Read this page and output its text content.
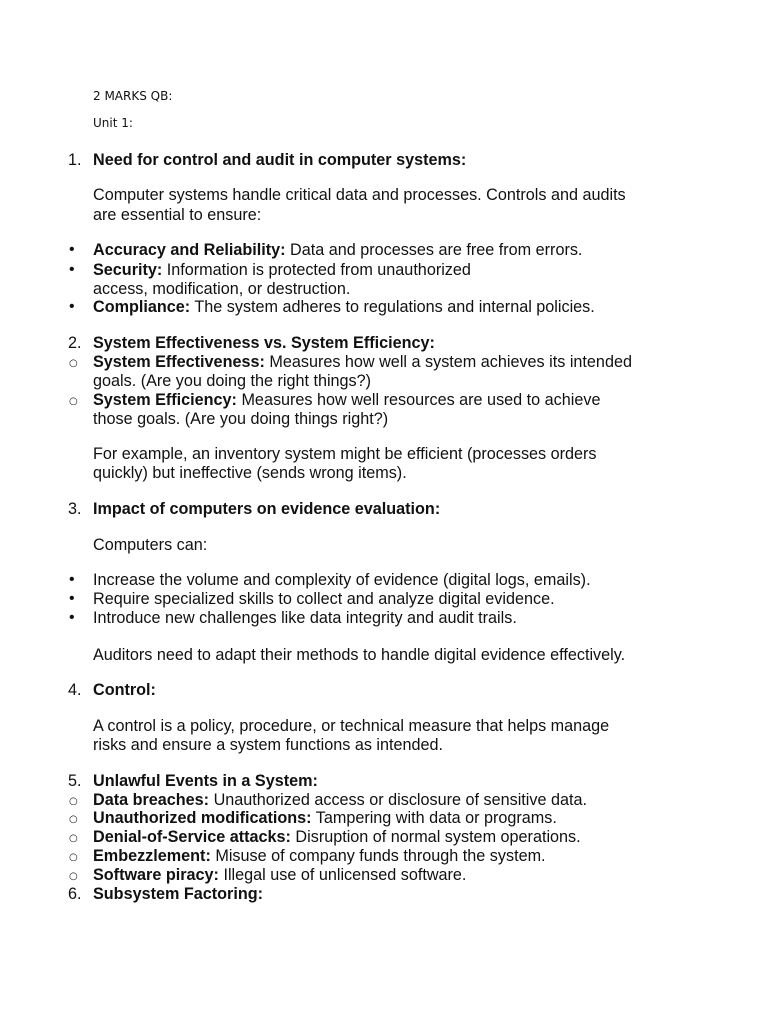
2 MARKS QB:
Unit 1:
1. Need for control and audit in computer systems:
Computer systems handle critical data and processes. Controls and audits
are essential to ensure:
•	Accuracy and Reliability: Data and processes are free from errors.
•	Security: Information is protected from unauthorized
access, modification, or destruction.
•	Compliance: The system adheres to regulations and internal policies.
2. System Effectiveness vs. System Efficiency:
○ System Effectiveness: Measures how well a system achieves its intended
goals. (Are you doing the right things?)
○ System Efficiency: Measures how well resources are used to achieve
those goals. (Are you doing things right?)
For example, an inventory system might be efficient (processes orders
quickly) but ineffective (sends wrong items).
3. Impact of computers on evidence evaluation:
Computers can:
•	Increase the volume and complexity of evidence (digital logs, emails).
•	Require specialized skills to collect and analyze digital evidence.
•	Introduce new challenges like data integrity and audit trails.
Auditors need to adapt their methods to handle digital evidence effectively.
4. Control:
A control is a policy, procedure, or technical measure that helps manage
risks and ensure a system functions as intended.
5. Unlawful Events in a System:
○ Data breaches: Unauthorized access or disclosure of sensitive data.
○ Unauthorized modifications: Tampering with data or programs.
○ Denial-of-Service attacks: Disruption of normal system operations.
○ Embezzlement: Misuse of company funds through the system.
○ Software piracy: Illegal use of unlicensed software.
6. Subsystem Factoring:
